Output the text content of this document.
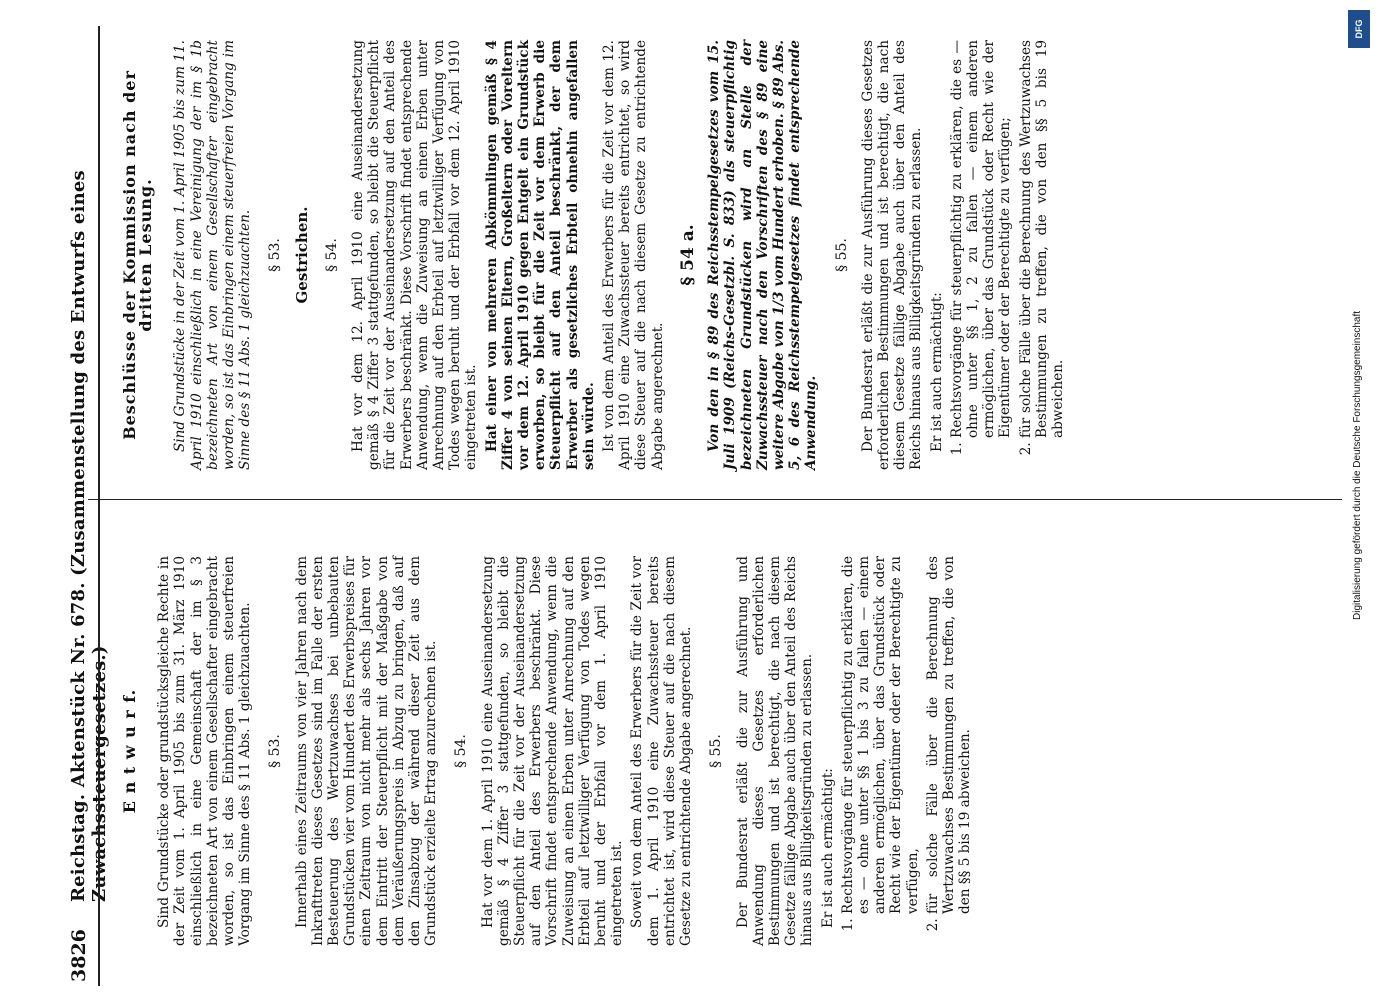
3826
Reichstag. Aktenstück Nr. 678. (Zusammenstellung des Entwurfs eines Zuwachssteuergesetzes.) E n t w u r f. Sind Grundstücke oder grundstücksgleiche Rechte in der Zeit vom 1. April 1905 bis zum 31. März 1910 einschließlich in eine Gemeinschaft der im § 3 bezeichneten Art von einem Gesellschafter eingebracht worden, so ist das Einbringen einem steuerfreien Vorgang im Sinne des § 11 Abs. 1 gleichzuachten. § 53. Innerhalb eines Zeitraums von vier Jahren nach dem Inkrafttreten dieses Gesetzes sind im Falle der ersten Besteuerung des Wertzuwachses bei unbebauten Grundstücken vier vom Hundert des Erwerbspreises für einen Zeitraum von nicht mehr als sechs Jahren vor dem Eintritt der Steuerpflicht mit der Maßgabe von dem Veräußerungspreis in Abzug zu bringen, daß auf den Zinsabzug der während dieser Zeit aus dem Grundstück erzielte Ertrag anzurechnen ist. § 54. Hat vor dem 1. April 1910 eine Auseinandersetzung gemäß § 4 Ziffer 3 stattgefunden, so bleibt die Steuerpflicht für die Zeit vor der Auseinandersetzung auf den Anteil des Erwerbers beschränkt. Diese Vorschrift findet entsprechende Anwendung, wenn die Zuweisung an einen Erben unter Anrechnung auf den Erbteil auf letztwilliger Verfügung von Todes wegen beruht und der Erbfall vor dem 1. April 1910 eingetreten ist. Soweit von dem Anteil des Erwerbers für die Zeit vor dem 1. April 1910 eine Zuwachssteuer bereits entrichtet ist, wird diese Steuer auf die nach diesem Gesetze zu entrichtende Abgabe angerechnet. § 55. Der Bundesrat erläßt die zur Ausführung und Anwendung dieses Gesetzes erforderlichen Bestimmungen und ist berechtigt, die nach diesem Gesetze fällige Abgabe auch über den Anteil des Reichs hinaus aus Billigkeitsgründen zu erlassen. Er ist auch ermächtigt: 1. Rechtsvorgänge für steuerpflichtig zu erklären, die es — ohne unter §§ 1 bis 3 zu fallen — einem anderen ermöglichen, über das Grundstück oder Recht wie der Eigentümer oder der Berechtigte zu verfügen, 2. für solche Fälle über die Berechnung des Wertzuwachses Bestimmungen zu treffen, die von den §§ 5 bis 19 abweichen.
Beschlüsse der Kommission nach der dritten Lesung. Sind Grundstücke in der Zeit vom 1. April 1905 bis zum 11. April 1910 einschließlich in eine Vereinigung der im § 1b bezeichneten Art von einem Gesellschafter eingebracht worden, so ist das Einbringen einem steuerfreien Vorgang im Sinne des § 11 Abs. 1 gleichzuachten. § 53. Gestrichen. § 54. Hat vor dem 12. April 1910 eine Auseinandersetzung gemäß § 4 Ziffer 3 stattgefunden, so bleibt die Steuerpflicht für die Zeit vor der Auseinandersetzung auf den Anteil des Erwerbers beschränkt. Diese Vorschrift findet entsprechende Anwendung, wenn die Zuweisung an einen Erben unter Anrechnung auf den Erbteil auf letztwilliger Verfügung von Todes wegen beruht und der Erbfall vor dem 12. April 1910 eingetreten ist. Hat einer von mehreren Abkömmlingen gemäß § 4 Ziffer 4 von seinen Eltern, Großeltern oder Voreltern vor dem 12. April 1910 gegen Entgelt ein Grundstück erworben, so bleibt für die Zeit vor dem Erwerb die Steuerpflicht auf den Anteil beschränkt, der dem Erwerber als gesetzliches Erbteil ohnehin angefallen sein würde. Ist von dem Anteil des Erwerbers für die Zeit vor dem 12. April 1910 eine Zuwachssteuer bereits entrichtet, so wird diese Steuer auf die nach diesem Gesetze zu entrichtende Abgabe angerechnet.

§ 54 a. Von den in § 89 des Reichsstempelgesetzes vom 15. Juli 1909 (Reichs-Gesetzbl. S. 833) als steuerpflichtig bezeichneten Grundstücken wird an Stelle der Zuwachssteuer nach den Vorschriften des § 89 eine weitere Abgabe von 1/3 vom Hundert erhoben. § 89 Abs. 5, 6 des Reichsstempelgesetzes findet entsprechende Anwendung.

§ 55. Der Bundesrat erläßt die zur Ausführung dieses Gesetzes erforderlichen Bestimmungen und ist berechtigt, die nach diesem Gesetze fällige Abgabe auch über den Anteil des Reichs hinaus aus Billigkeitsgründen zu erlassen. Er ist auch ermächtigt: 1. Rechtsvorgänge für steuerpflichtig zu erklären, die es — ohne unter §§ 1, 2 zu fallen — einem anderen ermöglichen, über das Grundstück oder Recht wie der Eigentümer oder der Berechtigte zu verfügen; 2. für solche Fälle über die Berechnung des Wertzuwachses Bestimmungen zu treffen, die von den §§ 5 bis 19 abweichen.	Digitalisierung gefördert durch die Deutsche Forschungsgemeinschaft
DFG
